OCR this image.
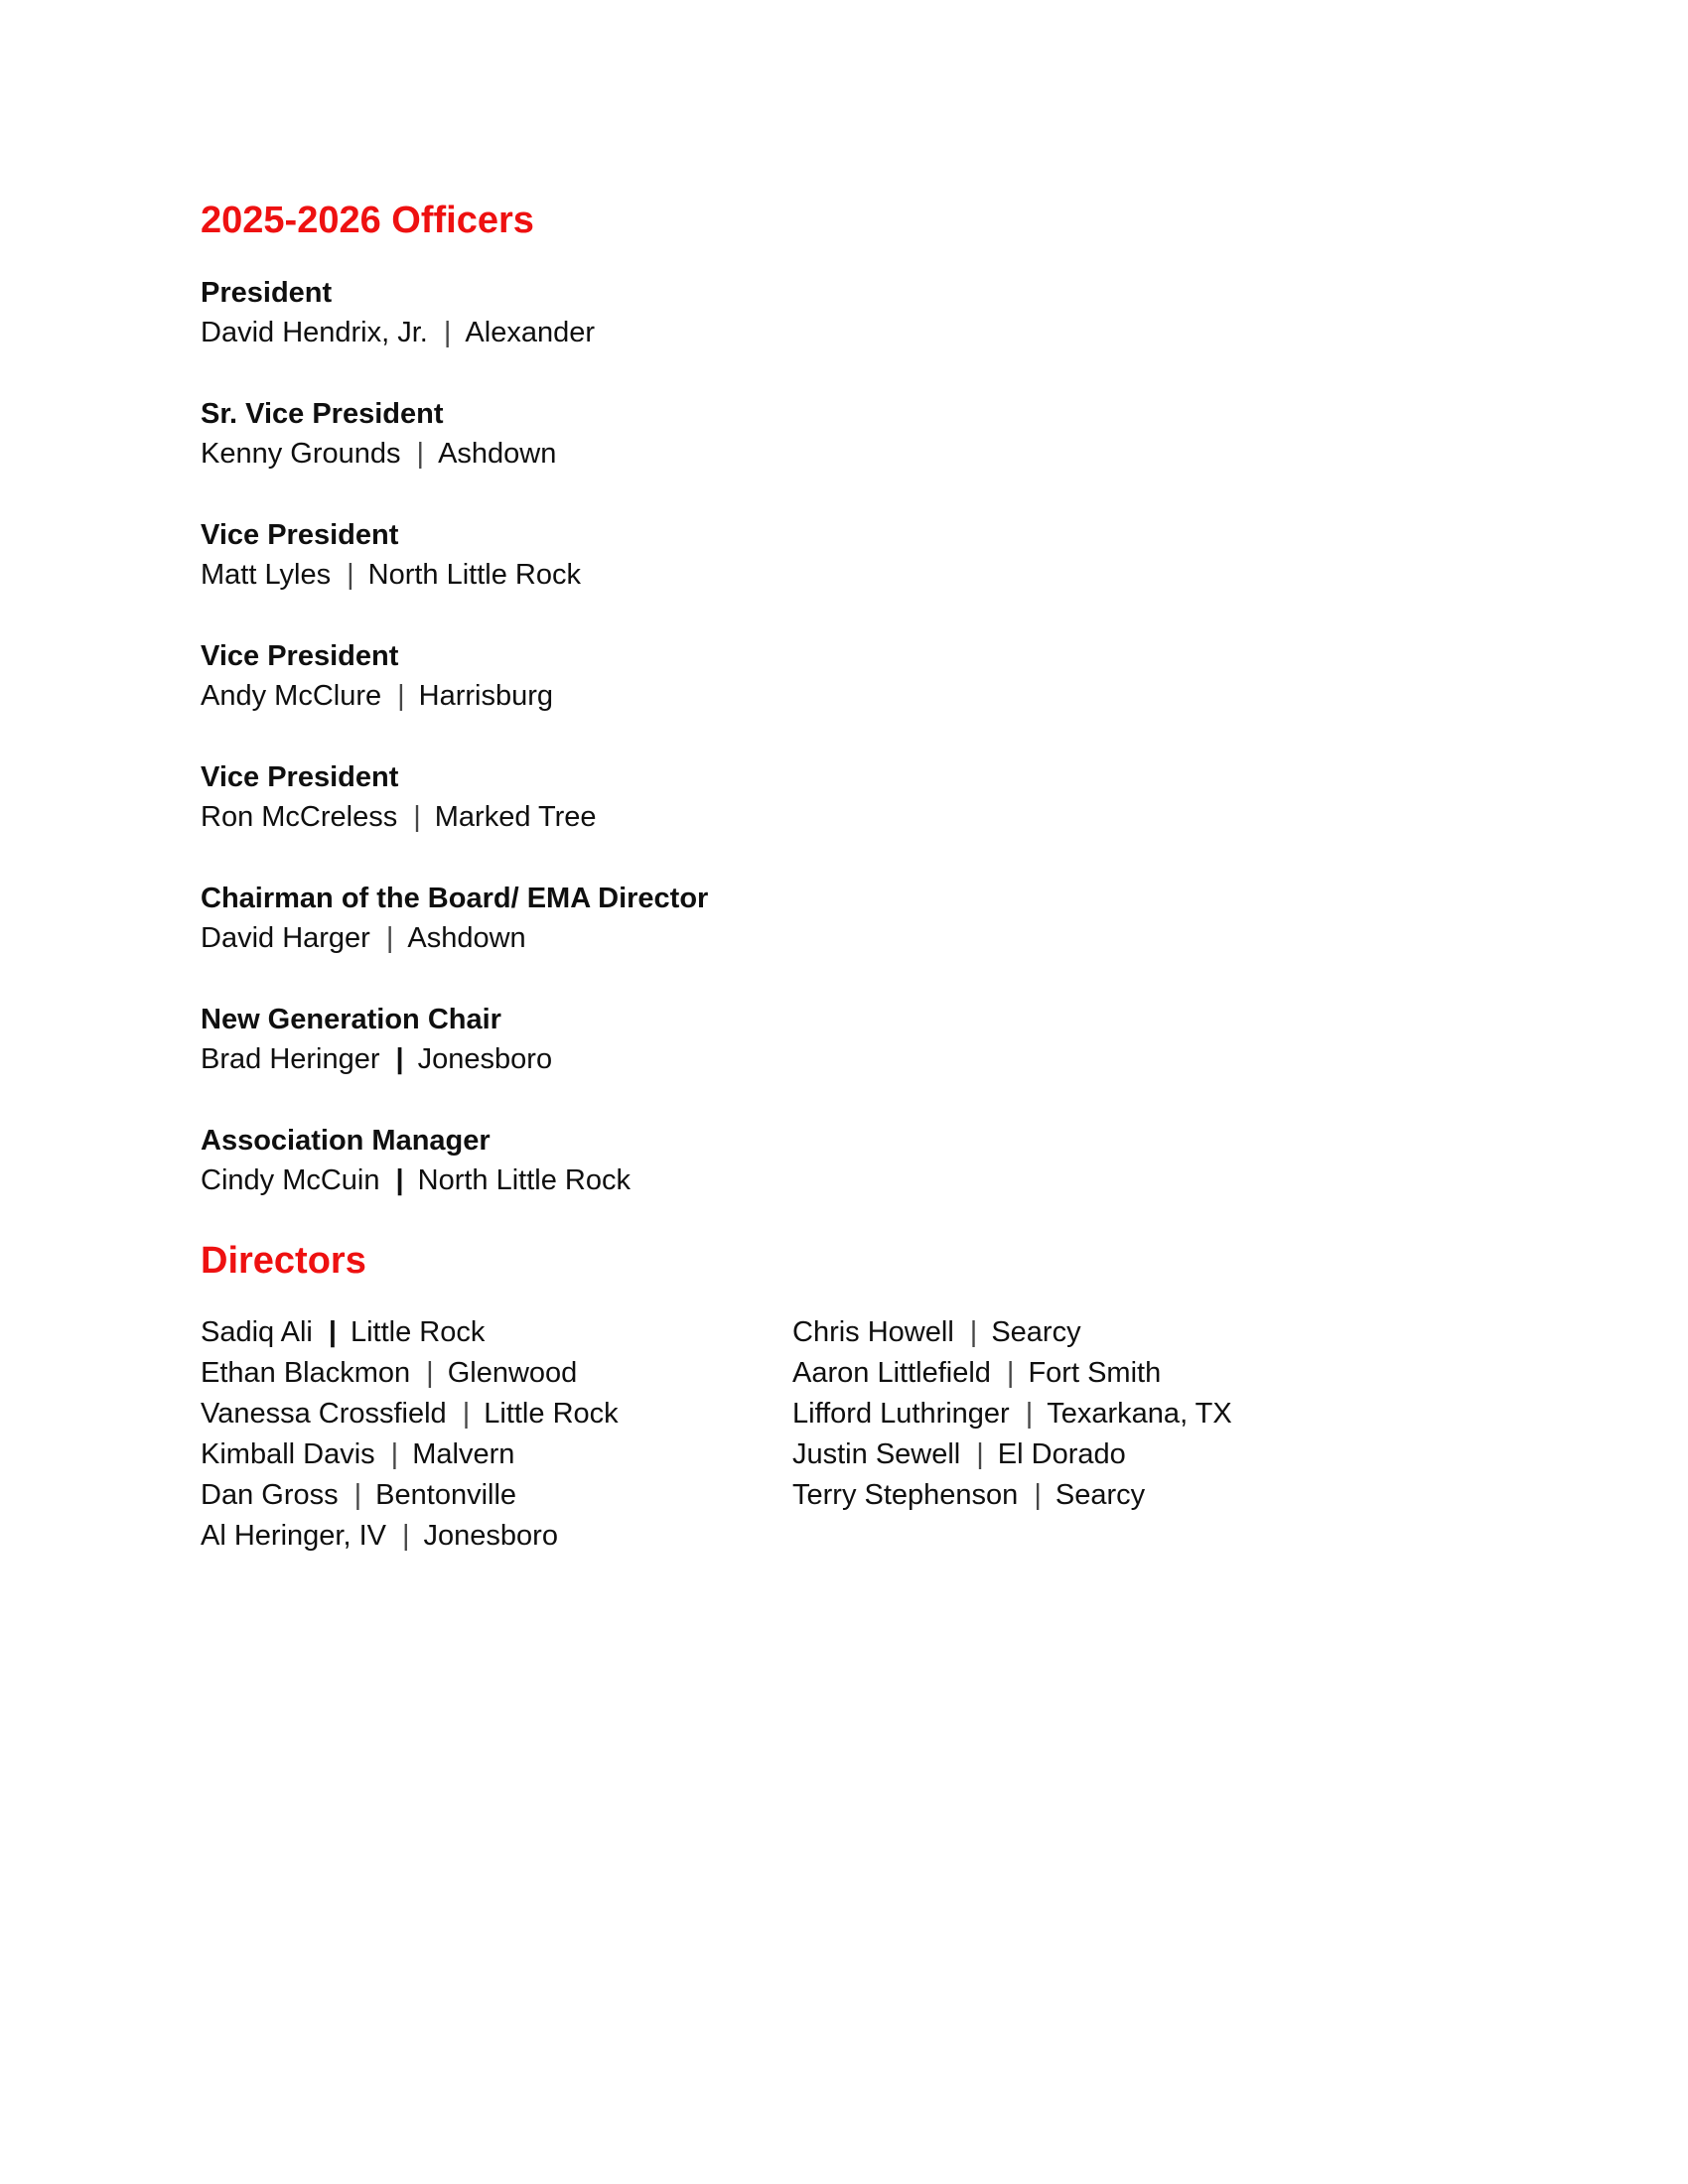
2025-2026 Officers
President
David Hendrix, Jr. | Alexander
Sr. Vice President
Kenny Grounds | Ashdown
Vice President
Matt Lyles | North Little Rock
Vice President
Andy McClure | Harrisburg
Vice President
Ron McCreless | Marked Tree
Chairman of the Board/ EMA Director
David Harger | Ashdown
New Generation Chair
Brad Heringer | Jonesboro
Association Manager
Cindy McCuin | North Little Rock
Directors
Sadiq Ali | Little Rock
Ethan Blackmon | Glenwood
Vanessa Crossfield | Little Rock
Kimball Davis | Malvern
Dan Gross | Bentonville
Al Heringer, IV | Jonesboro
Chris Howell | Searcy
Aaron Littlefield | Fort Smith
Lifford Luthringer | Texarkana, TX
Justin Sewell | El Dorado
Terry Stephenson | Searcy
